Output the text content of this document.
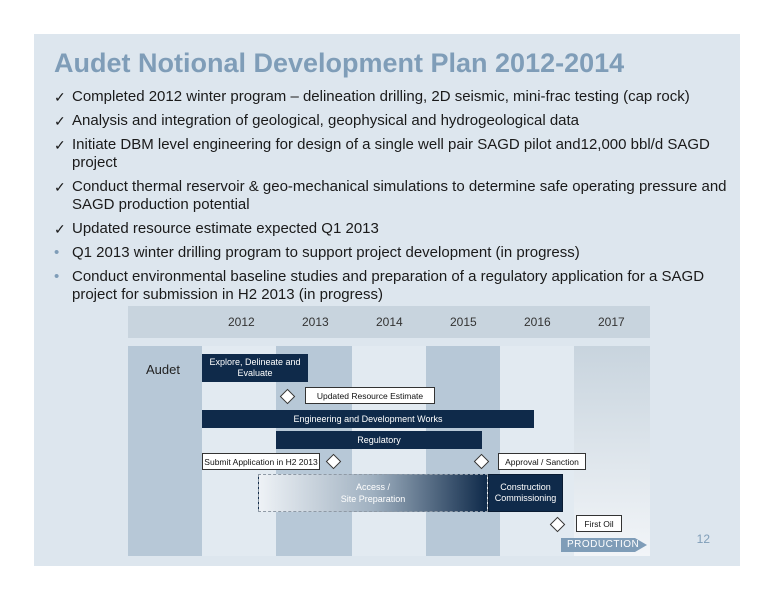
Audet Notional Development Plan 2012-2014
✓ Completed 2012 winter program – delineation drilling, 2D seismic, mini-frac testing (cap rock)
✓ Analysis and integration of geological, geophysical and hydrogeological data
✓ Initiate DBM level engineering for design of a single well pair SAGD pilot and12,000 bbl/d SAGD project
✓ Conduct thermal reservoir & geo-mechanical simulations to determine safe operating pressure and SAGD production potential
✓ Updated resource estimate expected Q1 2013
• Q1 2013 winter drilling program to support project development (in progress)
• Conduct environmental baseline studies and preparation of a regulatory application for a SAGD project for submission in H2 2013 (in progress)
12
2012	2013	2014	2015	2016	2017
Audet	Explore, Delineate and Evaluate
Updated Resource Estimate
Engineering and Development Works
Regulatory
Submit Application in H2 2013	Approval / Sanction
Access /
Site Preparation
Construction
Commissioning
First Oil
PRODUCTION
